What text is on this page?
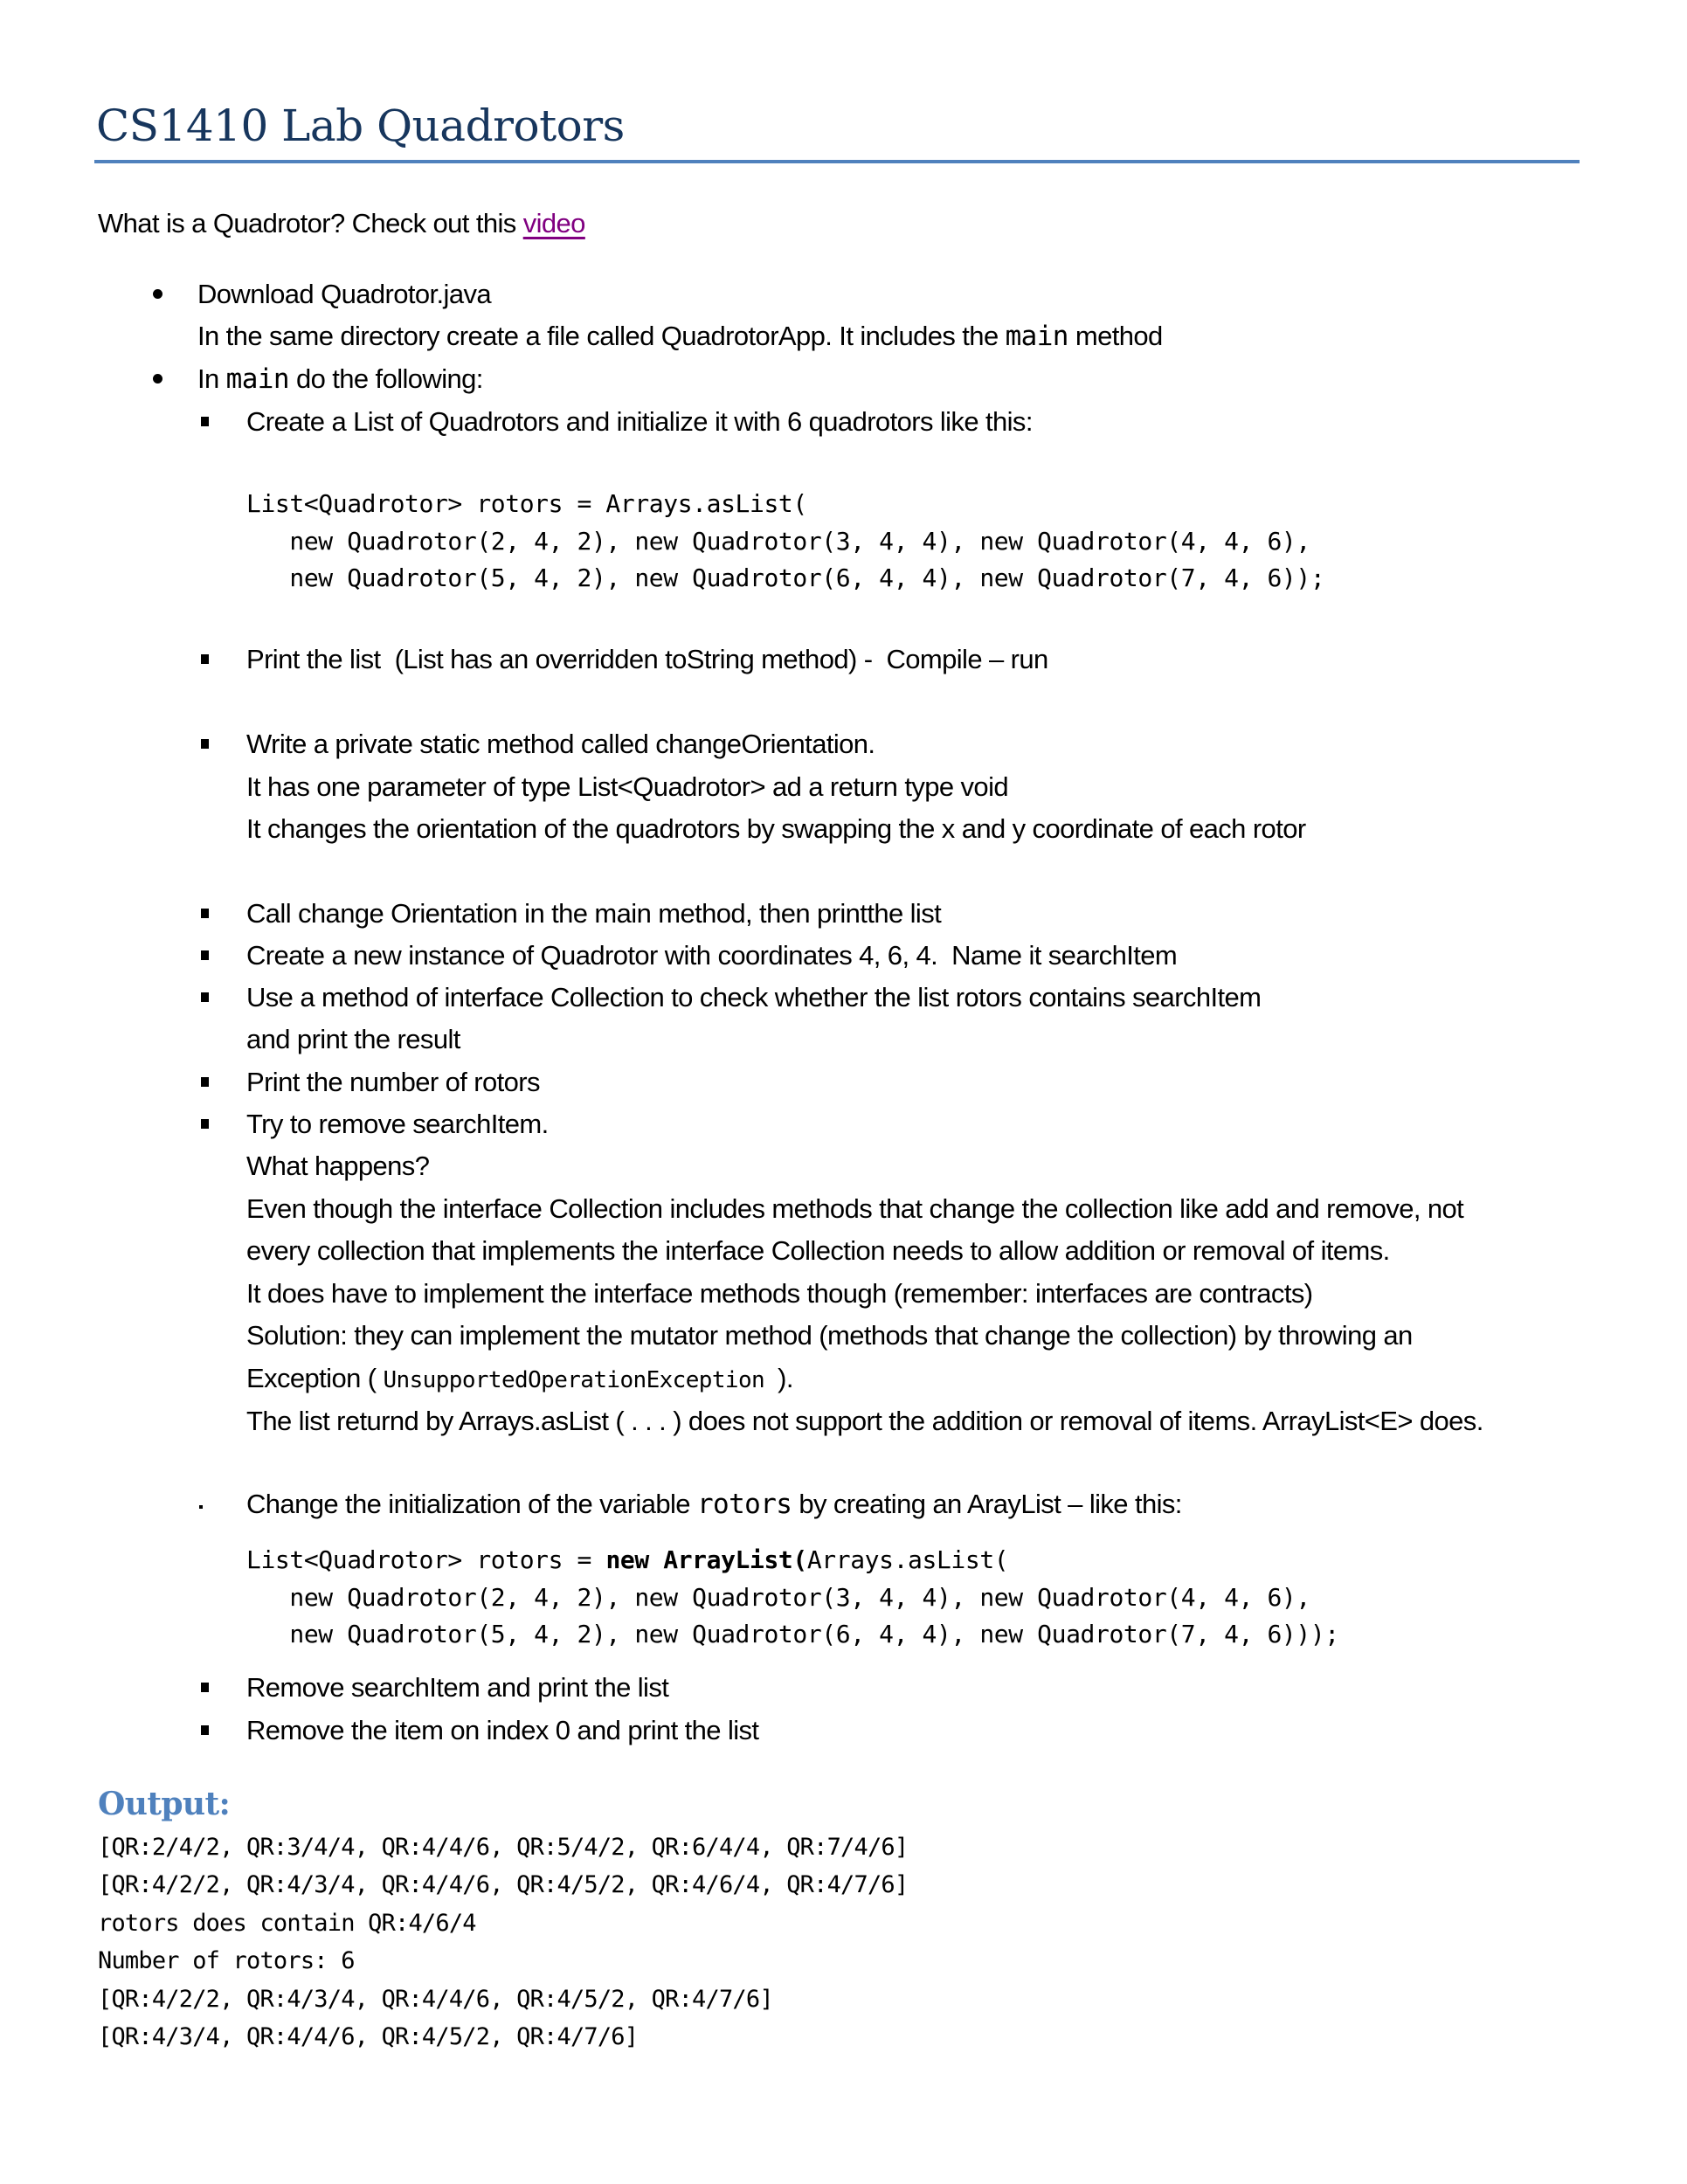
CS1410 Lab Quadrotors
What is a Quadrotor? Check out this video
Download Quadrotor.java
In the same directory create a file called QuadrotorApp. It includes the main method
In main do the following:
Create a List of Quadrotors and initialize it with 6 quadrotors like this:
List<Quadrotor> rotors = Arrays.asList(
new Quadrotor(2, 4, 2), new Quadrotor(3, 4, 4), new Quadrotor(4, 4, 6),
new Quadrotor(5, 4, 2), new Quadrotor(6, 4, 4), new Quadrotor(7, 4, 6));
Print the list  (List has an overridden toString method) -  Compile – run
Write a private static method called changeOrientation.
It has one parameter of type List<Quadrotor> ad a return type void
It changes the orientation of the quadrotors by swapping the x and y coordinate of each rotor
Call change Orientation in the main method, then printthe list
Create a new instance of Quadrotor with coordinates 4, 6, 4.  Name it searchItem
Use a method of interface Collection to check whether the list rotors contains searchItem
and print the result
Print the number of rotors
Try to remove searchItem.
What happens?
Even though the interface Collection includes methods that change the collection like add and remove, not
every collection that implements the interface Collection needs to allow addition or removal of items.
It does have to implement the interface methods though (remember: interfaces are contracts)
Solution: they can implement the mutator method (methods that change the collection) by throwing an
Exception ( UnsupportedOperationException ).
The list returnd by Arrays.asList ( . . . ) does not support the addition or removal of items. ArrayList<E> does.
Change the initialization of the variable rotors by creating an ArayList – like this:
List<Quadrotor> rotors = new ArrayList(Arrays.asList(
new Quadrotor(2, 4, 2), new Quadrotor(3, 4, 4), new Quadrotor(4, 4, 6),
new Quadrotor(5, 4, 2), new Quadrotor(6, 4, 4), new Quadrotor(7, 4, 6)));
Remove searchItem and print the list
Remove the item on index 0 and print the list
Output:
[QR:2/4/2, QR:3/4/4, QR:4/4/6, QR:5/4/2, QR:6/4/4, QR:7/4/6]
[QR:4/2/2, QR:4/3/4, QR:4/4/6, QR:4/5/2, QR:4/6/4, QR:4/7/6]
rotors does contain QR:4/6/4
Number of rotors: 6
[QR:4/2/2, QR:4/3/4, QR:4/4/6, QR:4/5/2, QR:4/7/6]
[QR:4/3/4, QR:4/4/6, QR:4/5/2, QR:4/7/6]
